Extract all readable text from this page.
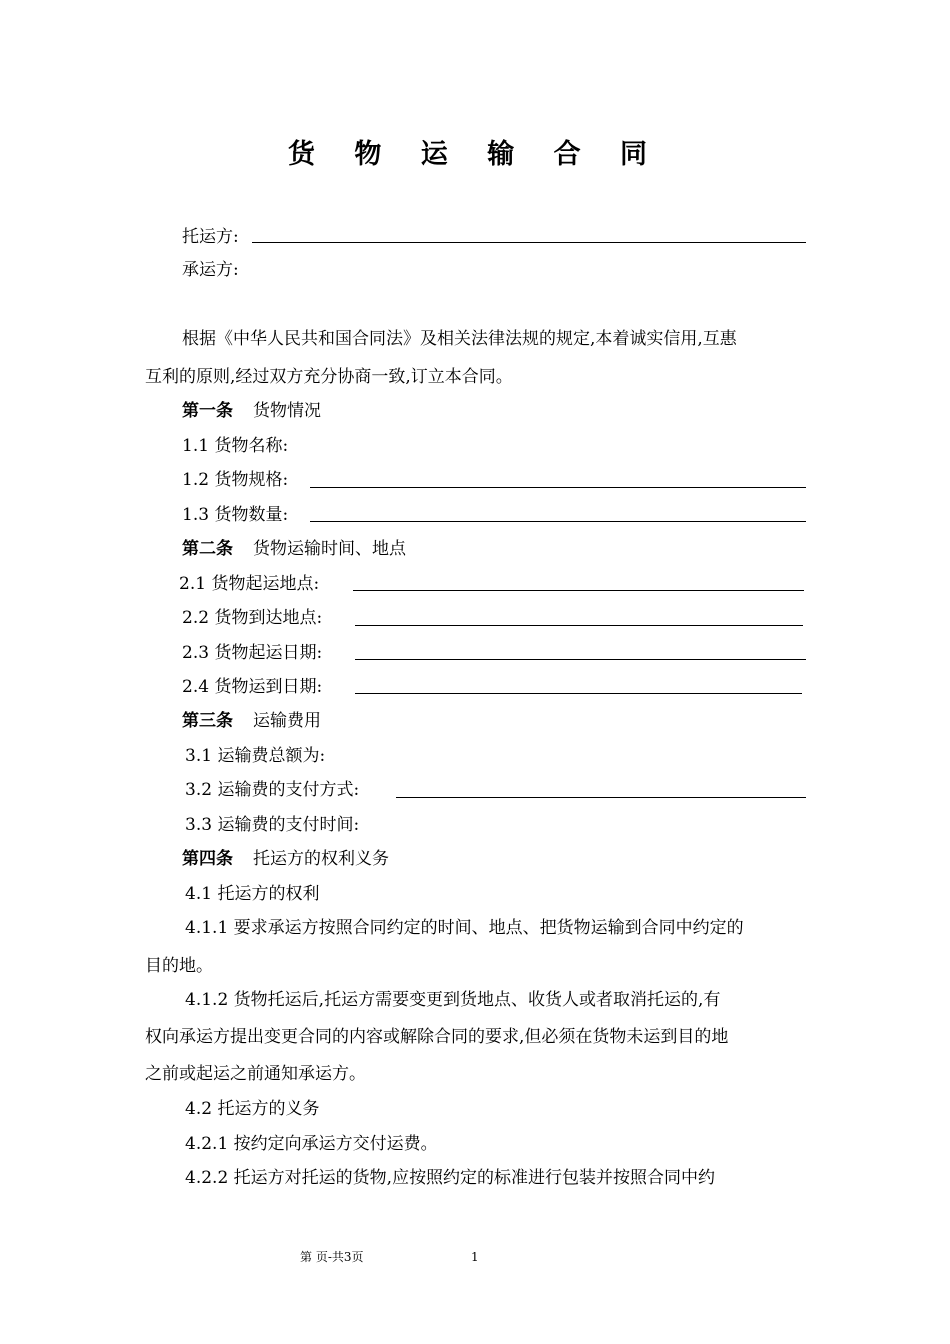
货 物 运 输 合 同
托运方:
承运方:
根据《中华人民共和国合同法》及相关法律法规的规定,本着诚实信用,互惠
互利的原则,经过双方充分协商一致,订立本合同。
第一条 货物情况
1.1 货物名称:
1.2 货物规格:
1.3 货物数量:
第二条 货物运输时间、地点
2.1 货物起运地点:
2.2 货物到达地点:
2.3 货物起运日期:
2.4 货物运到日期:
第三条 运输费用
3.1 运输费总额为:
3.2 运输费的支付方式:
3.3 运输费的支付时间:
第四条 托运方的权利义务
4.1 托运方的权利
4.1.1 要求承运方按照合同约定的时间、地点、把货物运输到合同中约定的
目的地。
4.1.2 货物托运后,托运方需要变更到货地点、收货人或者取消托运的,有
权向承运方提出变更合同的内容或解除合同的要求,但必须在货物未运到目的地
之前或起运之前通知承运方。
4.2 托运方的义务
4.2.1 按约定向承运方交付运费。
4.2.2 托运方对托运的货物,应按照约定的标准进行包装并按照合同中约
第 页-共3页	1
